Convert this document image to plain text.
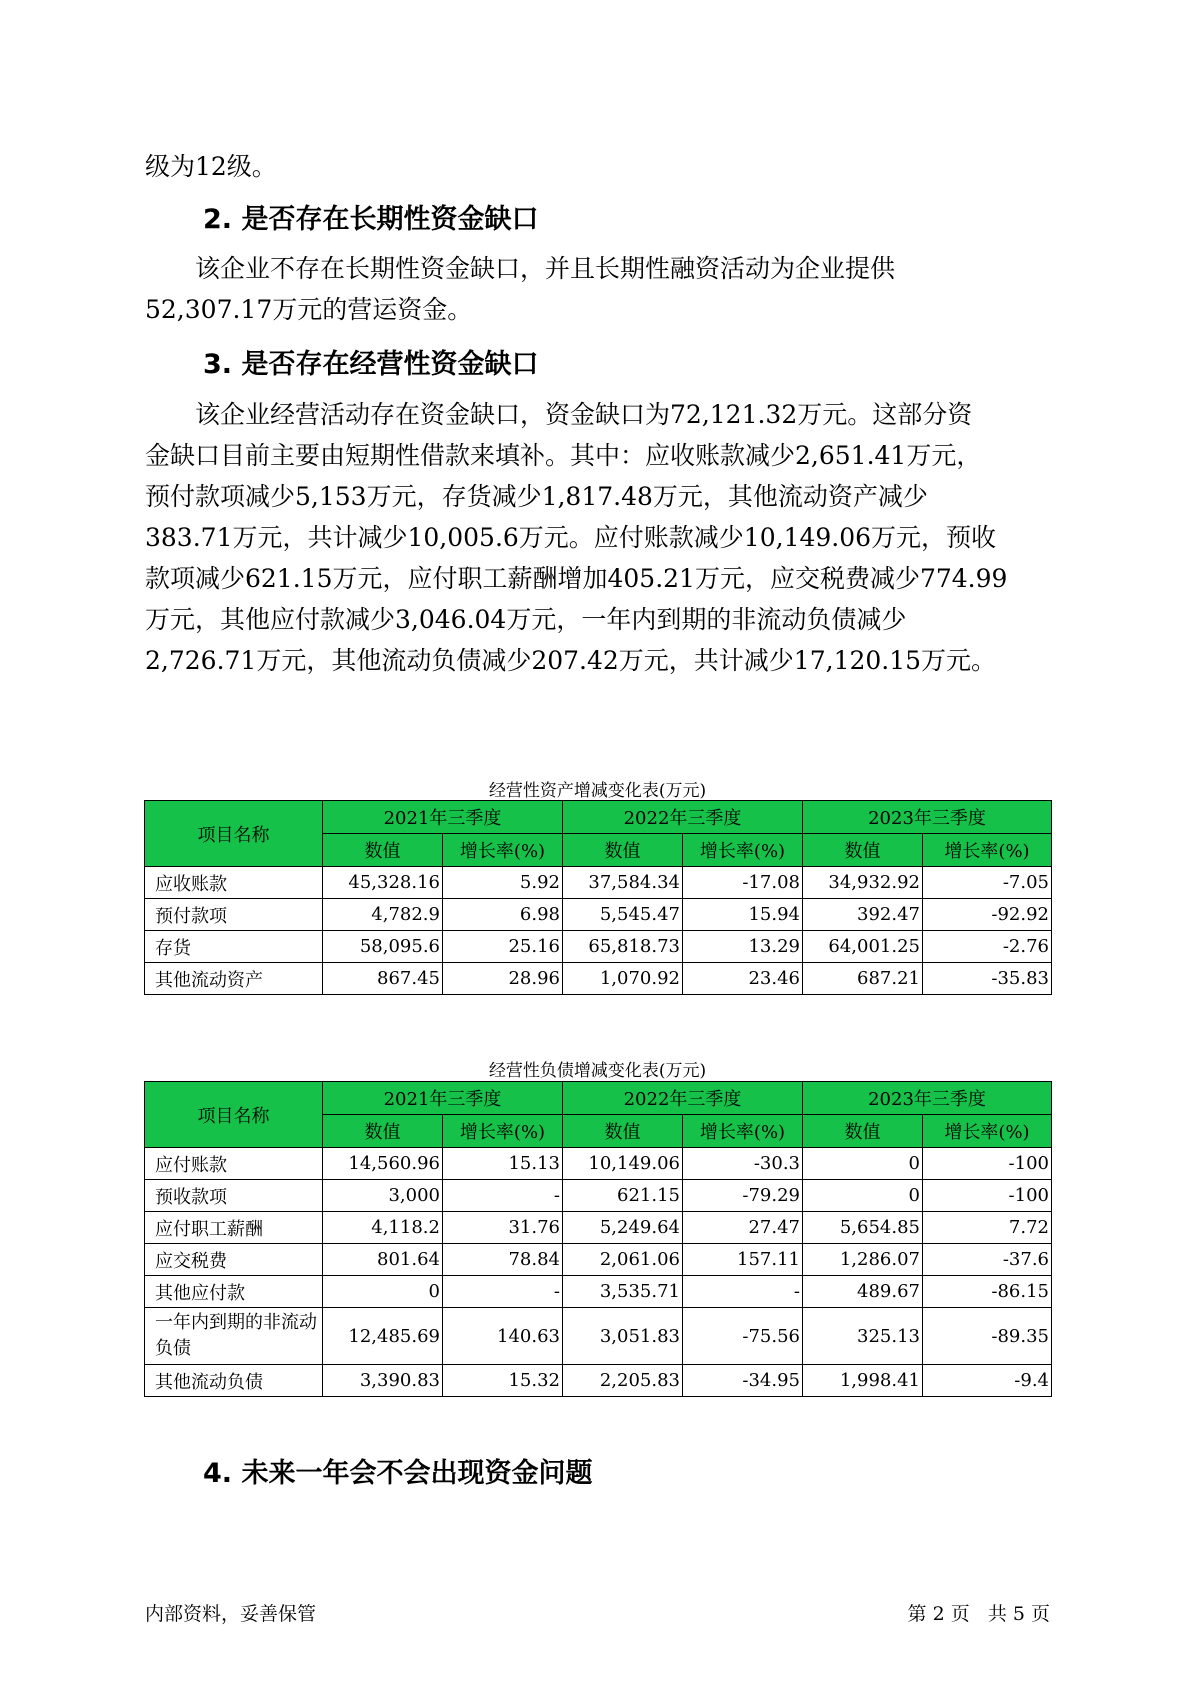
级为12级。

2. 是否存在长期性资金缺口

该企业不存在长期性资金缺口，并且长期性融资活动为企业提供

52,307.17万元的营运资金。

3. 是否存在经营性资金缺口

该企业经营活动存在资金缺口，资金缺口为72,121.32万元。这部分资

金缺口目前主要由短期性借款来填补。其中：应收账款减少2,651.41万元，

预付款项减少5,153万元，存货减少1,817.48万元，其他流动资产减少

383.71万元，共计减少10,005.6万元。应付账款减少10,149.06万元，预收

款项减少621.15万元，应付职工薪酬增加405.21万元，应交税费减少774.99

万元，其他应付款减少3,046.04万元，一年内到期的非流动负债减少

2,726.71万元，其他流动负债减少207.42万元，共计减少17,120.15万元。

经营性资产增减变化表(万元)
项目名称	2021年三季度		2022年三季度		2023年三季度	
	数值	增长率(%)	数值	增长率(%)	数值	增长率(%)
应收账款	45,328.16	5.92	37,584.34	-17.08	34,932.92	-7.05
预付款项	4,782.9	6.98	5,545.47	15.94	392.47	-92.92
存货	58,095.6	25.16	65,818.73	13.29	64,001.25	-2.76
其他流动资产	867.45	28.96	1,070.92	23.46	687.21	-35.83
经营性负债增减变化表(万元)
项目名称	2021年三季度		2022年三季度		2023年三季度	
	数值	增长率(%)	数值	增长率(%)	数值	增长率(%)
应付账款	14,560.96	15.13	10,149.06	-30.3	0	-100
预收款项	3,000	-	621.15	-79.29	0	-100
应付职工薪酬	4,118.2	31.76	5,249.64	27.47	5,654.85	7.72
应交税费	801.64	78.84	2,061.06	157.11	1,286.07	-37.6
其他应付款	0	-	3,535.71	-	489.67	-86.15
一年内到期的非流动负债	12,485.69	140.63	3,051.83	-75.56	325.13	-89.35
其他流动负债	3,390.83	15.32	2,205.83	-34.95	1,998.41	-9.4
4. 未来一年会不会出现资金问题
内部资料，妥善保管	第 2 页   共 5 页
